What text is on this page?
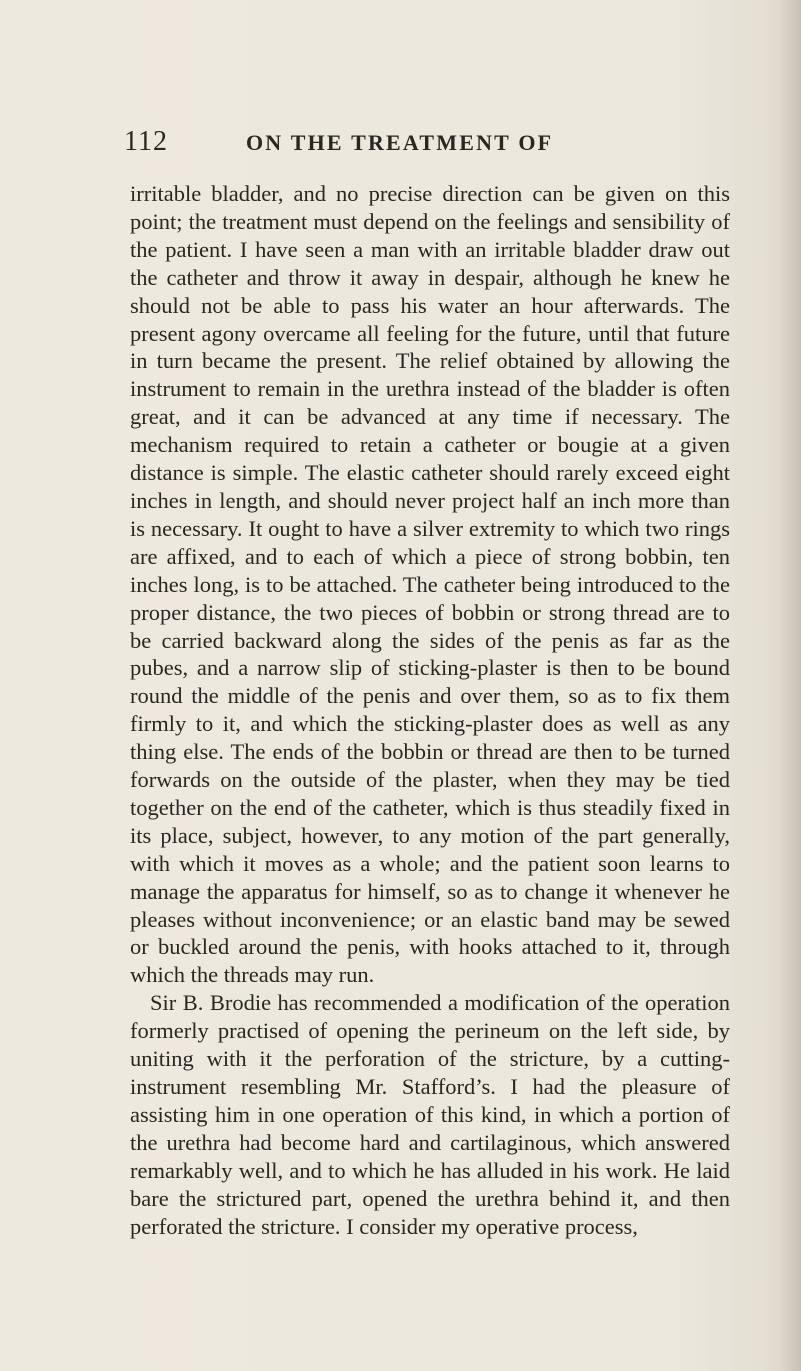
112	ON THE TREATMENT OF

irritable bladder, and no precise direction can be given on this point; the treatment must depend on the feelings and sensibility of the patient. I have seen a man with an irritable bladder draw out the catheter and throw it away in despair, although he knew he should not be able to pass his water an hour afterwards. The present agony overcame all feeling for the future, until that future in turn became the present. The relief obtained by allowing the instrument to remain in the urethra instead of the bladder is often great, and it can be advanced at any time if necessary. The mechanism required to retain a catheter or bougie at a given distance is simple. The elastic catheter should rarely exceed eight inches in length, and should never project half an inch more than is necessary. It ought to have a silver extremity to which two rings are affixed, and to each of which a piece of strong bobbin, ten inches long, is to be attached. The catheter being introduced to the proper distance, the two pieces of bobbin or strong thread are to be carried backward along the sides of the penis as far as the pubes, and a narrow slip of sticking-plaster is then to be bound round the middle of the penis and over them, so as to fix them firmly to it, and which the sticking-plaster does as well as any thing else. The ends of the bobbin or thread are then to be turned forwards on the outside of the plaster, when they may be tied together on the end of the catheter, which is thus steadily fixed in its place, subject, however, to any motion of the part generally, with which it moves as a whole; and the patient soon learns to manage the apparatus for himself, so as to change it whenever he pleases without inconvenience; or an elastic band may be sewed or buckled around the penis, with hooks attached to it, through which the threads may run.

Sir B. Brodie has recommended a modification of the operation formerly practised of opening the perineum on the left side, by uniting with it the perforation of the stricture, by a cutting-instrument resembling Mr. Stafford’s. I had the pleasure of assisting him in one operation of this kind, in which a portion of the urethra had become hard and cartilaginous, which answered remarkably well, and to which he has alluded in his work. He laid bare the strictured part, opened the urethra behind it, and then perforated the stricture. I consider my operative process,
